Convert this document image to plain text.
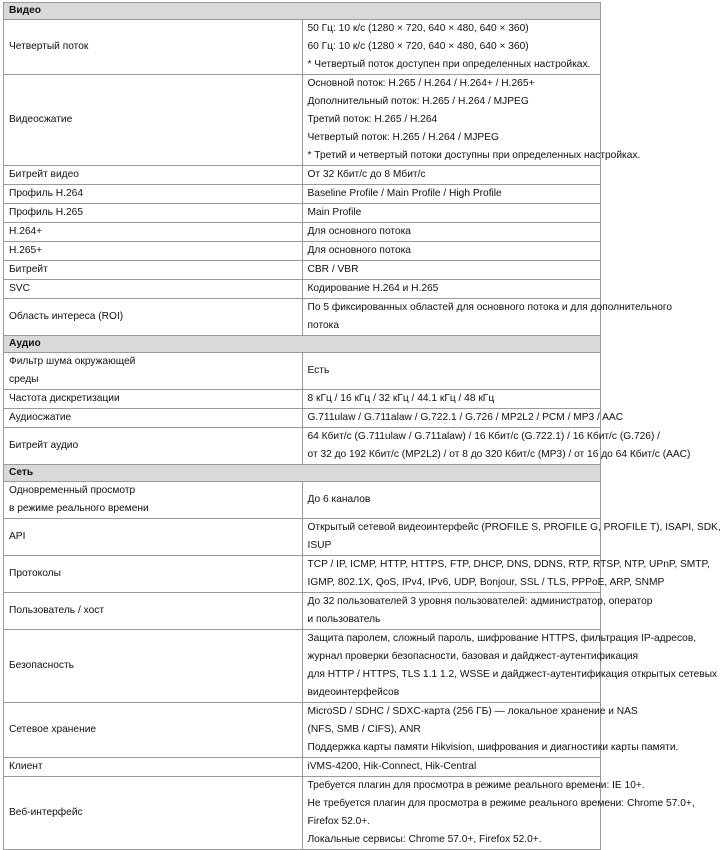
Видео	

Четвертый поток	50 Гц: 10 к/с (1280 × 720, 640 × 480, 640 × 360)
60 Гц: 10 к/с (1280 × 720, 640 × 480, 640 × 360)
* Четвертый поток доступен при определенных настройках.

Видеосжатие	Основной поток: H.265 / H.264 / H.264+ / H.265+
Дополнительный поток: H.265 / H.264 / MJPEG
Третий поток: H.265 / H.264
Четвертый поток: H.265 / H.264 / MJPEG
* Третий и четвертый потоки доступны при определенных настройках.

Битрейт видео	От 32 Кбит/с до 8 Мбит/с

Профиль H.264	Baseline Profile / Main Profile / High Profile

Профиль H.265	Main Profile

H.264+	Для основного потока

H.265+	Для основного потока

Битрейт	CBR / VBR

SVC	Кодирование H.264 и H.265

Область интереса (ROI)	По 5 фиксированных областей для основного потока и для дополнительного
потока

Аудио	

Фильтр шума окружающей
среды	Есть

Частота дискретизации	8 кГц / 16 кГц / 32 кГц / 44.1 кГц / 48 кГц

Аудиосжатие	G.711ulaw / G.711alaw / G.722.1 / G.726 / MP2L2 / PCM / MP3 / AAC

Битрейт аудио	64 Кбит/с (G.711ulaw / G.711alaw) / 16 Кбит/с (G.722.1) / 16 Кбит/с (G.726) /
от 32 до 192 Кбит/с (MP2L2) / от 8 до 320 Кбит/с (MP3) / от 16 до 64 Кбит/с (AAC)

Сеть	

Одновременный просмотр
в режиме реального времени	До 6 каналов

API	Открытый сетевой видеоинтерфейс (PROFILE S, PROFILE G, PROFILE T), ISAPI, SDK,
ISUP

Протоколы	TCP / IP, ICMP, HTTP, HTTPS, FTP, DHCP, DNS, DDNS, RTP, RTSP, NTP, UPnP, SMTP,
IGMP, 802.1X, QoS, IPv4, IPv6, UDP, Bonjour, SSL / TLS, PPPoE, ARP, SNMP

Пользователь / хост	До 32 пользователей 3 уровня пользователей: администратор, оператор
и пользователь

Безопасность	Защита паролем, сложный пароль, шифрование HTTPS, фильтрация IP-адресов,
журнал проверки безопасности, базовая и дайджест-аутентификация
для HTTP / HTTPS, TLS 1.1 1.2, WSSE и дайджест-аутентификация открытых сетевых
видеоинтерфейсов

Сетевое хранение	MicroSD / SDHC / SDXC-карта (256 ГБ) — локальное хранение и NAS
(NFS, SMB / CIFS), ANR
Поддержка карты памяти Hikvision, шифрования и диагностики карты памяти.

Клиент	iVMS-4200, Hik-Connect, Hik-Central

Веб-интерфейс	Требуется плагин для просмотра в режиме реального времени: IE 10+.
Не требуется плагин для просмотра в режиме реального времени: Chrome 57.0+,
Firefox 52.0+.
Локальные сервисы: Chrome 57.0+, Firefox 52.0+.
